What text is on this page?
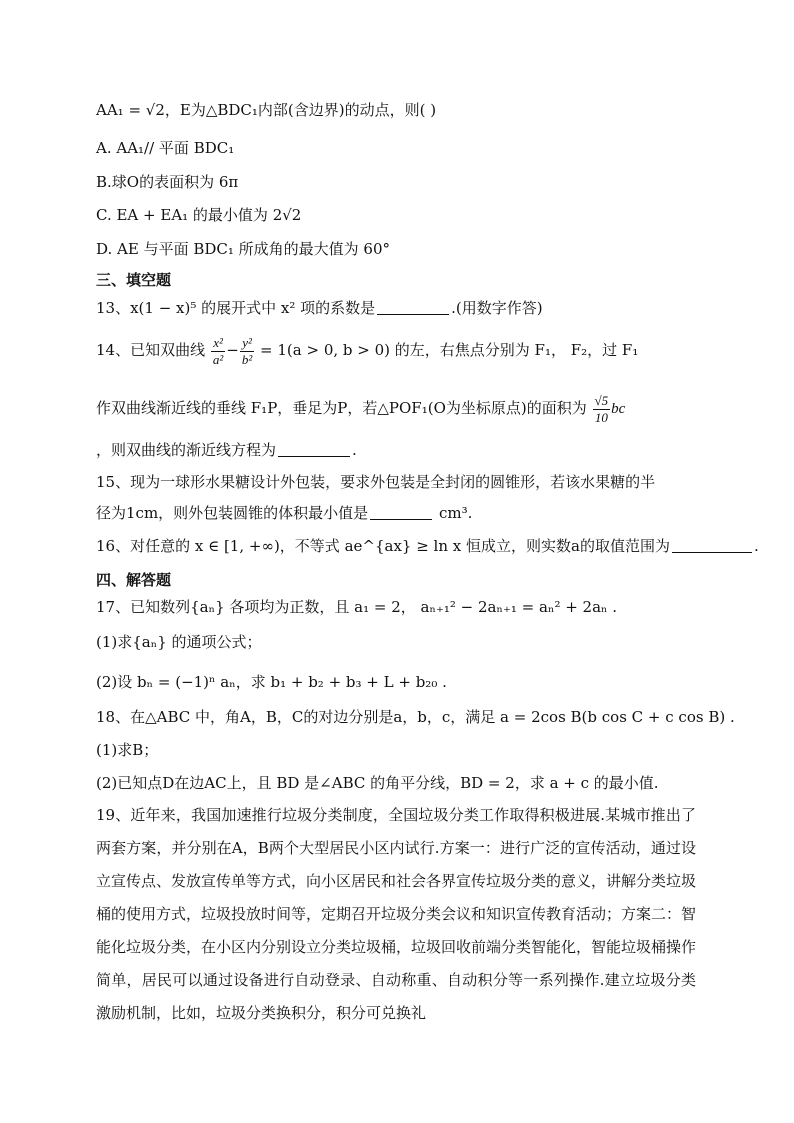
AA₁ = √2，E为△BDC₁内部(含边界)的动点，则( )
A. AA₁// 平面 BDC₁
B.球O的表面积为 6π
C. EA + EA₁ 的最小值为 2√2
D. AE 与平面 BDC₁ 所成角的最大值为 60°
三、填空题
13、x(1 − x)⁵ 的展开式中 x² 项的系数是	.(用数字作答)
14、已知双曲线 $\frac{\text{x²}}{\text{a²}} - \frac{\text{y²}}{\text{b²}} = 1(a > 0$, b > 0) 的左，右焦点分别为 F₁， F₂，过 F₁
作双曲线渐近线的垂线 F₁P，垂足为P，若△POF₁(O为坐标原点)的面积为 $\frac{√5}{10}$ bc
，则双曲线的渐近线方程为	.
15、现为一球形水果糖设计外包装，要求外包装是全封闭的圆锥形，若该水果糖的半
径为1cm，则外包装圆锥的体积最小值是	cm³.
16、对任意的 x ∈ [1, +∞)，不等式 ae^{ax} ≥ ln x 恒成立，则实数a的取值范围为	.
四、解答题
17、已知数列{aₙ} 各项均为正数，且 a₁ = 2， aₙ₊₁² − 2aₙ₊₁ = aₙ² + 2aₙ .
(1)求{aₙ} 的通项公式；
(2)设 bₙ = (−1)ⁿ aₙ，求 b₁ + b₂ + b₃ + L + b₂₀ .
18、在△ABC 中，角A，B，C的对边分别是a，b，c，满足 a = 2cos B(b cos C + c cos B) .
(1)求B；
(2)已知点D在边AC上，且 BD 是∠ABC 的角平分线，BD = 2，求 a + c 的最小值.
19、近年来，我国加速推行垃圾分类制度，全国垃圾分类工作取得积极进展.某城市推出了两套方案，并分别在A，B两个大型居民小区内试行.方案一：进行广泛的宣传活动，通过设立宣传点、发放宣传单等方式，向小区居民和社会各界宣传垃圾分类的意义，讲解分类垃圾桶的使用方式，垃圾投放时间等，定期召开垃圾分类会议和知识宣传教育活动；方案二：智能化垃圾分类，在小区内分别设立分类垃圾桶，垃圾回收前端分类智能化，智能垃圾桶操作简单，居民可以通过设备进行自动登录、自动称重、自动积分等一系列操作.建立垃圾分类激励机制，比如，垃圾分类换积分，积分可兑换礼
